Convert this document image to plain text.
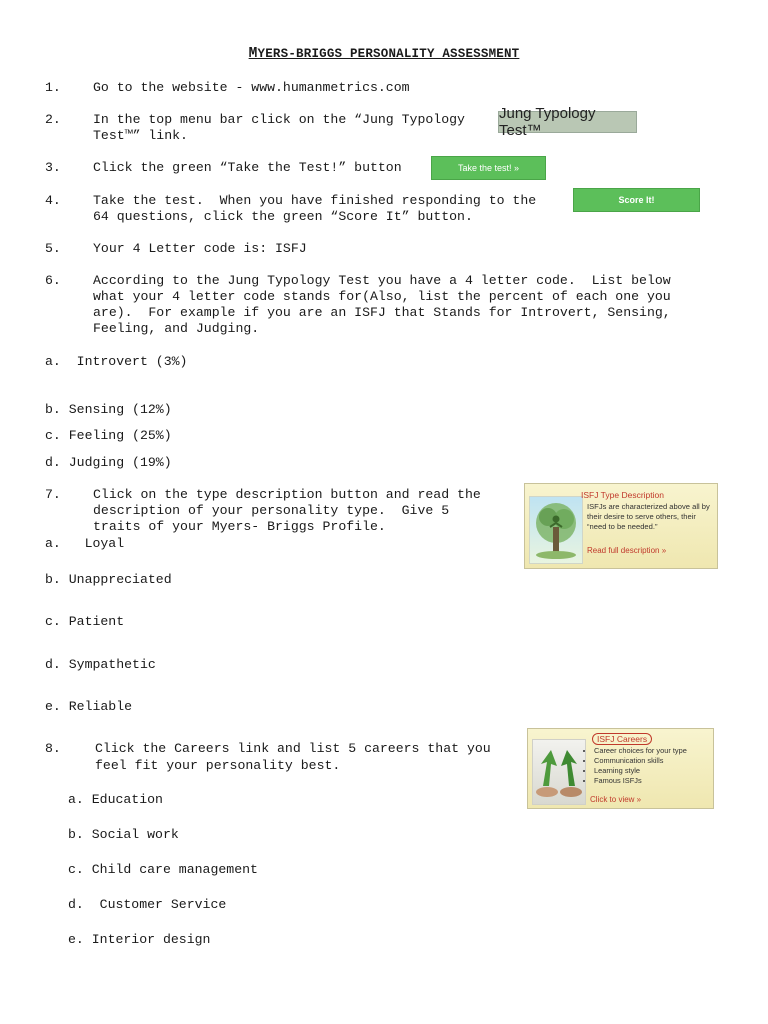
MYERS-BRIGGS PERSONALITY ASSESSMENT
1. Go to the website - www.humanmetrics.com
2. In the top menu bar click on the “Jung Typology
Test™” link.
Jung Typology Test™
3. Click the green “Take the Test!” button	Take the test! »
4. Take the test.  When you have finished responding to the
64 questions, click the green “Score It” button.
Score It!
5. Your 4 Letter code is: ISFJ
6. According to the Jung Typology Test you have a 4 letter code.  List below
what your 4 letter code stands for(Also, list the percent of each one you
are).  For example if you are an ISFJ that Stands for Introvert, Sensing,
Feeling, and Judging.
a.  Introvert (3%)
b. Sensing (12%)
c. Feeling (25%)
d. Judging (19%)
7. Click on the type description button and read the
description of your personality type.  Give 5
traits of your Myers- Briggs Profile.
ISFJ Type Description
ISFJs are characterized above all by their desire to serve others, their “need to be needed.”
Read full description »
a.   Loyal
b. Unappreciated
c. Patient
d. Sympathetic
e. Reliable
8.	Click the Careers link and list 5 careers that you
feel fit your personality best.
ISFJ Careers
• Career choices for your type
• Communication skills
• Learning style
• Famous ISFJs
Click to view »
a. Education
b. Social work
c. Child care management
d.  Customer Service
e. Interior design
